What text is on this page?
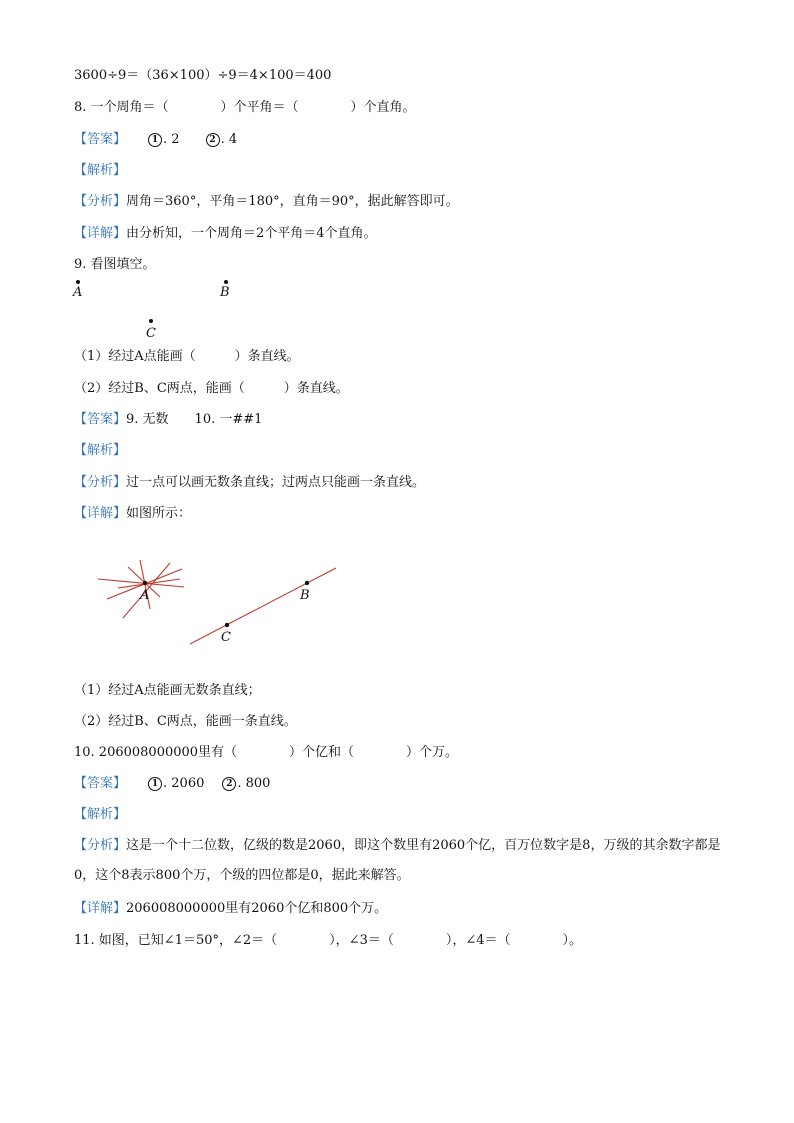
3600÷9＝（36×100）÷9＝4×100＝400
8. 一个周角＝（　　　　）个平角＝（　　　　）个直角。
【答案】	1 . 2	2 . 4
【解析】
【分析】周角＝360°，平角＝180°，直角＝90°，据此解答即可。
【详解】由分析知，一个周角＝2个平角＝4个直角。
9. 看图填空。
A	B
C
（1）经过A点能画（　　　）条直线。
（2）经过B、C两点，能画（　　　）条直线。
【答案】9. 无数　　10. 一##1
【解析】
【分析】过一点可以画无数条直线；过两点只能画一条直线。
【详解】如图所示：
A	B
C
（1）经过A点能画无数条直线；
（2）经过B、C两点，能画一条直线。
10. 206008000000里有（　　　　）个亿和（　　　　）个万。
【答案】	1 . 2060 2 . 800
【解析】
【分析】这是一个十二位数，亿级的数是2060，即这个数里有2060个亿，百万位数字是8，万级的其余数字都是0，这个8表示800个万，个级的四位都是0，据此来解答。
【详解】206008000000里有2060个亿和800个万。
11. 如图，已知∠1＝50°，∠2＝（　　　　），∠3＝（　　　　），∠4＝（　　　　）。
